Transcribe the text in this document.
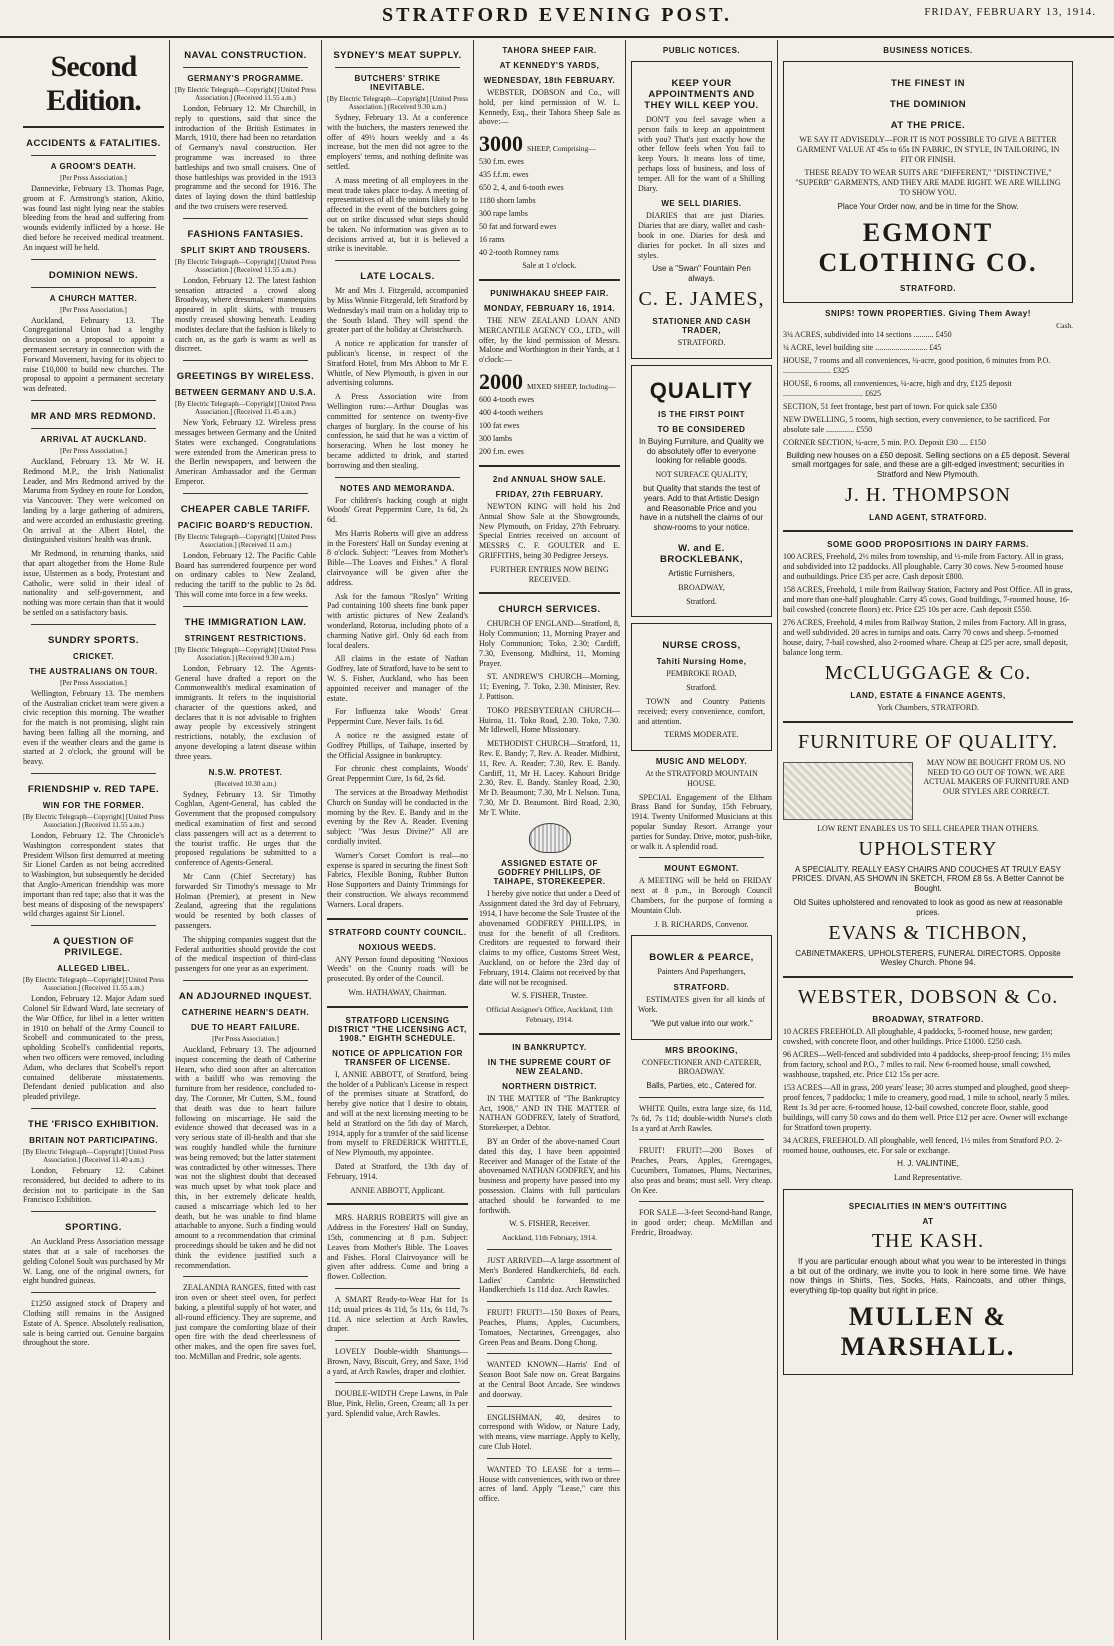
STRATFORD EVENING POST.	FRIDAY, FEBRUARY 13, 1914.
Second Edition.
ACCIDENTS & FATALITIES.
A GROOM'S DEATH.
[Per Press Association.]

Dannevirke, February 13. Thomas Page, groom at F. Armstrong's station, Akitio, was found last night lying near the stables bleeding from the head and suffering from wounds evidently inflicted by a horse. He died before he received medical treatment. An inquest will be held.

DOMINION NEWS.
A CHURCH MATTER.
[Per Press Association.]

Auckland, February 13. The Congregational Union had a lengthy discussion on a proposal to appoint a permanent secretary in connection with the Forward Movement, having for its object to raise £10,000 to build new churches. The proposal to appoint a permanent secretary was defeated.

MR AND MRS REDMOND.
ARRIVAL AT AUCKLAND.
[Per Press Association.]

Auckland, February 13. Mr W. H. Redmond M.P., the Irish Nationalist Leader, and Mrs Redmond arrived by the Maruma from Sydney en route for London, via Vancouver. They were welcomed on landing by a large gathering of admirers, and were accorded an enthusiastic greeting. On arrival at the Albert Hotel, the distinguished visitors' health was drunk.

Mr Redmond, in returning thanks, said that apart altogether from the Home Rule issue, Ulstermen as a body, Protestant and Catholic, were solid in their ideal of nationality and self-government, and nothing was more certain than that it would be settled on a satisfactory basis.

SUNDRY SPORTS.
CRICKET.
THE AUSTRALIANS ON TOUR.
[Per Press Association.]

Wellington, February 13. The members of the Australian cricket team were given a civic reception this morning. The weather for the match is not promising, slight rain having been falling all the morning, and even if the weather clears and the game is started at 2 o'clock, the ground will be heavy.

FRIENDSHIP v. RED TAPE.
WIN FOR THE FORMER.
[By Electric Telegraph—Copyright] [United Press Association.] (Received 11.55 a.m.)

London, February 12. The Chronicle's Washington correspondent states that President Wilson first demurred at meeting Sir Lionel Carden as not being accredited to Washington, but subsequently he decided that Anglo-American friendship was more important than red tape; also that it was the best means of disposing of the newspapers' wild charges against Sir Lionel.

A QUESTION OF PRIVILEGE.
ALLEGED LIBEL.
[By Electric Telegraph—Copyright] [United Press Association.] (Received 11.55 a.m.)

London, February 12. Major Adam sued Colonel Sir Edward Ward, late secretary of the War Office, for libel in a letter written in 1910 on behalf of the Army Council to Scobell and communicated to the press, upholding Scobell's confidential reports, when two officers were removed, including Adam, who declares that Scobell's report contained deliberate misstatements. Defendant denied publication and also pleaded privilege.

THE 'FRISCO EXHIBITION.
BRITAIN NOT PARTICIPATING.
[By Electric Telegraph—Copyright] [United Press Association.] (Received 11.40 a.m.)

London, February 12. Cabinet reconsidered, but decided to adhere to its decision not to participate in the San Francisco Exhibition.

SPORTING.

An Auckland Press Association message states that at a sale of racehorses the gelding Colonel Soult was purchased by Mr W. Lang, one of the original owners, for eight hundred guineas.

£1250 assigned stock of Drapery and Clothing still remains in the Assigned Estate of A. Spence. Absolutely realisation, sale is being carried out. Genuine bargains throughout the store.

NAVAL CONSTRUCTION.
GERMANY'S PROGRAMME.
[By Electric Telegraph—Copyright] [United Press Association.] (Received 11.55 a.m.)

London, February 12. Mr Churchill, in reply to questions, said that since the introduction of the British Estimates in March, 1910, there had been no retardation of Germany's naval construction. Her programme was increased to three battleships and two small cruisers. One of those battleships was provided in the 1913 programme and the second for 1916. The dates of laying down the third battleship and the two cruisers were reserved.

FASHIONS FANTASIES.
SPLIT SKIRT AND TROUSERS.
[By Electric Telegraph—Copyright] [United Press Association.] (Received 11.55 a.m.)

London, February 12. The latest fashion sensation attracted a crowd along Broadway, where dressmakers' mannequins appeared in split skirts, with trousers mostly creased showing beneath. Leading modistes declare that the fashion is likely to catch on, as the garb is warm as well as discreet.

GREETINGS BY WIRELESS.
BETWEEN GERMANY AND U.S.A.
[By Electric Telegraph—Copyright] [United Press Association.] (Received 11.45 a.m.)

New York, February 12. Wireless press messages between Germany and the United States were exchanged. Congratulations were extended from the American press to the Berlin newspapers, and between the American Ambassador and the German Emperor.

CHEAPER CABLE TARIFF.
PACIFIC BOARD'S REDUCTION.
[By Electric Telegraph—Copyright] [United Press Association.] (Received 11 a.m.)

London, February 12. The Pacific Cable Board has surrendered fourpence per word on ordinary cables to New Zealand, reducing the tariff to the public to 2s 8d. This will come into force in a few weeks.

THE IMMIGRATION LAW.
STRINGENT RESTRICTIONS.
[By Electric Telegraph—Copyright] [United Press Association.] (Received 9.30 a.m.)

London, February 12. The Agents-General have drafted a report on the Commonwealth's medical examination of immigrants. It refers to the inquisitorial character of the questions asked, and declares that it is not advisable to frighten away people by excessively stringent restrictions, notably, the exclusion of anyone developing a latent disease within three years.

N.S.W. PROTEST.
(Received 10.30 a.m.)

Sydney, February 13. Sir Timothy Coghlan, Agent-General, has cabled the Government that the proposed compulsory medical examination of first and second class passengers will act as a deterrent to the tourist traffic. He urges that the proposed regulations be submitted to a conference of Agents-General.

Mr Cann (Chief Secretary) has forwarded Sir Timothy's message to Mr Holman (Premier), at present in New Zealand, agreeing that the regulations would be resented by both classes of passengers.

The shipping companies suggest that the Federal authorities should provide the cost of the medical inspection of third-class passengers for one year as an experiment.

AN ADJOURNED INQUEST.
CATHERINE HEARN'S DEATH.
DUE TO HEART FAILURE.
[Per Press Association.]

Auckland, February 13. The adjourned inquest concerning the death of Catherine Hearn, who died soon after an altercation with a bailiff who was removing the furniture from her residence, concluded to-day. The Coroner, Mr Cutten, S.M., found that death was due to heart failure following on miscarriage. He said the evidence showed that deceased was in a very serious state of ill-health and that she was roughly handled while the furniture was being removed; but the latter statement was contradicted by other witnesses. There was not the slightest doubt that deceased was much upset by what took place and this, in her extremely delicate health, caused a miscarriage which led to her death, but he was unable to find blame attachable to anyone. Such a finding would amount to a recommendation that criminal proceedings should be taken and he did not think the evidence justified such a recommendation.

ZEALANDIA RANGES, fitted with cast iron oven or sheet steel oven, for perfect baking, a plentiful supply of hot water, and all-round efficiency. They are supreme, and just compare the comforting blaze of their open fire with the dead cheerlessness of other makes, and the open fire saves fuel, too. McMillan and Fredric, sole agents.

SYDNEY'S MEAT SUPPLY.
BUTCHERS' STRIKE INEVITABLE.
[By Electric Telegraph—Copyright] [United Press Association.] (Received 9.30 a.m.)

Sydney, February 13. At a conference with the butchers, the masters renewed the offer of 49½ hours weekly and a 4s increase, but the men did not agree to the employers' terms, and nothing definite was settled.

A mass meeting of all employees in the meat trade takes place to-day. A meeting of representatives of all the unions likely to be affected in the event of the butchers going out on strike discussed what steps should be taken. No information was given as to decisions arrived at, but it is believed a strike is inevitable.

LATE LOCALS.

Mr and Mrs J. Fitzgerald, accompanied by Miss Winnie Fitzgerald, left Stratford by Wednesday's mail train on a holiday trip to the South Island. They will spend the greater part of the holiday at Christchurch.

A notice re application for transfer of publican's license, in respect of the Stratford Hotel, from Mrs Abbott to Mr F. Whittle, of New Plymouth, is given in our advertising columns.

A Press Association wire from Wellington runs:—Arthur Douglas was committed for sentence on twenty-five charges of burglary. In the course of his confession, he said that he was a victim of horseracing. When he lost money he became addicted to drink, and started borrowing and then stealing.

NOTES AND MEMORANDA.

For children's hacking cough at night Woods' Great Peppermint Cure, 1s 6d, 2s 6d.

Mrs Harris Roberts will give an address in the Foresters' Hall on Sunday evening at 8 o'clock. Subject: "Leaves from Mother's Bible—The Loaves and Fishes." A floral clairvoyance will be given after the address.

Ask for the famous "Roslyn" Writing Pad containing 100 sheets fine bank paper with artistic pictures of New Zealand's wonderland, Rotorua, including photo of a charming Native girl. Only 6d each from local dealers.

All claims in the estate of Nathan Godfrey, late of Stratford, have to be sent to W. S. Fisher, Auckland, who has been appointed receiver and manager of the estate.

For Influenza take Woods' Great Peppermint Cure. Never fails. 1s 6d.

A notice re the assigned estate of Godfrey Phillips, of Taihape, inserted by the Official Assignee in bankruptcy.

For chronic chest complaints, Woods' Great Peppermint Cure, 1s 6d, 2s 6d.

The services at the Broadway Methodist Church on Sunday will be conducted in the morning by the Rev. E. Bandy and in the evening by the Rev A. Reader. Evening subject: "Was Jesus Divine?" All are cordially invited.

Warner's Corset Comfort is real—no expense is spared in securing the finest Soft Fabrics, Flexible Boning, Rubber Button Hose Supporters and Dainty Trimmings for their construction. We always recommend Warners. Local drapers.

STRATFORD COUNTY COUNCIL.
NOXIOUS WEEDS.

ANY Person found depositing "Noxious Weeds" on the County roads will be prosecuted. By order of the Council.

Wm. HATHAWAY, Chairman.

STRATFORD LICENSING DISTRICT "THE LICENSING ACT, 1908." EIGHTH SCHEDULE.
NOTICE OF APPLICATION FOR TRANSFER OF LICENSE.

I, ANNIE ABBOTT, of Stratford, being the holder of a Publican's License in respect of the premises situate at Stratford, do hereby give notice that I desire to obtain, and will at the next licensing meeting to be held at Stratford on the 5th day of March, 1914, apply for a transfer of the said license from myself to FREDERICK WHITTLE, of New Plymouth, my appointee.

Dated at Stratford, the 13th day of February, 1914.

ANNIE ABBOTT, Applicant.

MRS. HARRIS ROBERTS will give an Address in the Foresters' Hall on Sunday, 15th, commencing at 8 p.m. Subject: Leaves from Mother's Bible. The Loaves and Fishes. Floral Clairvoyance will be given after address. Come and bring a flower. Collection.

A SMART Ready-to-Wear Hat for 1s 11d; usual prices 4s 11d, 5s 11s, 6s 11d, 7s 11d. A nice selection at Arch Rawles, draper.

LOVELY Double-width Shantungs—Brown, Navy, Biscuit, Grey, and Saxe, 1½d a yard, at Arch Rawles, draper and clothier.

DOUBLE-WIDTH Crepe Lawns, in Pale Blue, Pink, Helio, Green, Cream; all 1s per yard. Splendid value, Arch Rawles.

TAHORA SHEEP FAIR.
AT KENNEDY'S YARDS,
WEDNESDAY, 18th FEBRUARY.

WEBSTER, DOBSON and Co., will hold, per kind permission of W. L. Kennedy, Esq., their Tahora Sheep Sale as above:—

3000 SHEEP, Comprising—
530 f.m. ewes
435 f.f.m. ewes
650 2, 4, and 6-tooth ewes
1180 shorn lambs
300 rape lambs
50 fat and forward ewes
16 rams
40 2-tooth Romney rams

Sale at 1 o'clock.

PUNIWHAKAU SHEEP FAIR.
MONDAY, FEBRUARY 16, 1914.

THE NEW ZEALAND LOAN AND MERCANTILE AGENCY CO., LTD., will offer, by the kind permission of Messrs. Malone and Worthington in their Yards, at 1 o'clock:—

2000 MIXED SHEEP, Including—
600 4-tooth ewes
400 4-tooth wethers
100 fat ewes
300 lambs
200 f.m. ewes
2nd ANNUAL SHOW SALE.
FRIDAY, 27th FEBRUARY.

NEWTON KING will hold his 2nd Annual Show Sale at the Showgrounds, New Plymouth, on Friday, 27th February. Special Entries received on account of MESSRS C. F. GOULTER and E. GRIFFITHS, being 30 Pedigree Jerseys.

FURTHER ENTRIES NOW BEING RECEIVED.

CHURCH SERVICES.

CHURCH OF ENGLAND—Stratford, 8, Holy Communion; 11, Morning Prayer and Holy Communion; Toko, 2.30; Cardiff, 7.30, Evensong. Midhirst, 11, Morning Prayer.

ST. ANDREW'S CHURCH—Morning, 11; Evening, 7. Toko, 2.30. Minister, Rev. J. Pattison.

TOKO PRESBYTERIAN CHURCH—Huiroa, 11. Toko Road, 2.30. Toko, 7.30. Mr Idlewell, Home Missionary.

METHODIST CHURCH—Stratford, 11, Rev. E. Bandy; 7, Rev. A. Reader. Midhirst, 11, Rev. A. Reader; 7.30, Rev. E. Bandy. Cardiff, 11, Mr H. Lacey. Kahouri Bridge 2.30, Rev. E. Bandy. Stanley Road, 2.30, Mr D. Beaumont; 7.30, Mr I. Nelson. Tuna, 7.30, Mr D. Beaumont. Bird Road, 2.30, Mr T. White.

ASSIGNED ESTATE OF GODFREY PHILLIPS, OF TAIHAPE, STOREKEEPER.

I hereby give notice that under a Deed of Assignment dated the 3rd day of February, 1914, I have become the Sole Trustee of the abovenamed GODFREY PHILLIPS, in trust for the benefit of all Creditors. Creditors are requested to forward their claims to my office, Customs Street West, Auckland, on or before the 23rd day of February, 1914. Claims not received by that date will not be recognised.

W. S. FISHER, Trustee.

Official Assignee's Office, Auckland, 11th February, 1914.

IN BANKRUPTCY.
IN THE SUPREME COURT OF NEW ZEALAND.
NORTHERN DISTRICT.

IN THE MATTER of "The Bankruptcy Act, 1908," AND IN THE MATTER of NATHAN GODFREY, lately of Stratford, Storekeeper, a Debtor.

BY an Order of the above-named Court dated this day, I have been appointed Receiver and Manager of the Estate of the abovenamed NATHAN GODFREY, and his business and property have passed into my possession. Claims with full particulars attached should be forwarded to me forthwith.

W. S. FISHER, Receiver.

Auckland, 11th February, 1914.

JUST ARRIVED—A large assortment of Men's Bordered Handkerchiefs, 8d each. Ladies' Cambric Hemstitched Handkerchiefs 1s 11d doz. Arch Rawles.

FRUIT! FRUIT!—150 Boxes of Pears, Peaches, Plums, Apples, Cucumbers, Tomatoes, Nectarines, Greengages, also Green Peas and Beans. Dong Chong.

WANTED KNOWN—Harris' End of Season Boot Sale now on. Great Bargains at the Central Boot Arcade. See windows and doorway.

ENGLISHMAN, 40, desires to correspond with Widow, or Nature Lady, with means, view marriage. Apply to Kelly, care Club Hotel.

WANTED TO LEASE for a term—House with conveniences, with two or three acres of land. Apply "Lease," care this office.

PUBLIC NOTICES.
KEEP YOUR APPOINTMENTS AND THEY WILL KEEP YOU.

DON'T you feel savage when a person fails to keep an appointment with you? That's just exactly how the other fellow feels when You fail to keep Yours. It means loss of time, perhaps loss of business, and loss of temper. All for the want of a Shilling Diary.

WE SELL DIARIES.

DIARIES that are just Diaries. Diaries that are diary, wallet and cash-book in one. Diaries for desk and diaries for pocket. In all sizes and styles.

Use a "Swan" Fountain Pen always.

C. E. JAMES,
STATIONER AND CASH TRADER,

STRATFORD.

QUALITY
IS THE FIRST POINT
TO BE CONSIDERED

In Buying Furniture, and Quality we do absolutely offer to everyone looking for reliable goods.

NOT SURFACE QUALITY,

but Quality that stands the test of years. Add to that Artistic Design and Reasonable Price and you have in a nutshell the claims of our show-rooms to your notice.

W. and E. BROCKLEBANK,

Artistic Furnishers,

BROADWAY,

Stratford.

NURSE CROSS,
Tahiti Nursing Home,

PEMBROKE ROAD,

Stratford.

TOWN and Country Patients received; every convenience, comfort, and attention.

TERMS MODERATE.

MUSIC AND MELODY.

At the STRATFORD MOUNTAIN HOUSE.

SPECIAL Engagement of the Eltham Brass Band for Sunday, 15th February, 1914. Twenty Uniformed Musicians at this popular Sunday Resort. Arrange your parties for Sunday. Drive, motor, push-bike, or walk it. A splendid road.

MOUNT EGMONT.

A MEETING will be held on FRIDAY next at 8 p.m., in Borough Council Chambers, for the purpose of forming a Mountain Club.

J. B. RICHARDS, Convenor.

BOWLER & PEARCE,

Painters And Paperhangers,

STRATFORD.

ESTIMATES given for all kinds of Work.

"We put value into our work."

MRS BROOKING,

CONFECTIONER AND CATERER, BROADWAY.

Balls, Parties, etc., Catered for.

WHITE Quilts, extra large size, 6s 11d, 7s 6d, 7s 11d; double-width Nurse's cloth 1s a yard at Arch Rawles.

FRUIT! FRUIT!—200 Boxes of Peaches, Pears, Apples, Greengages, Cucumbers, Tomatoes, Plums, Nectarines, also peas and beans; must sell. Very cheap. On Kee.

FOR SALE—3-feet Second-hand Range, in good order; cheap. McMillan and Fredric, Broadway.

BUSINESS NOTICES.
THE FINEST IN
THE DOMINION
AT THE PRICE.

WE SAY IT ADVISEDLY—FOR IT IS NOT POSSIBLE TO GIVE A BETTER GARMENT VALUE AT 45s to 65s IN FABRIC, IN STYLE, IN TAILORING, IN FIT OR FINISH.

THESE READY TO WEAR SUITS ARE "DIFFERENT," "DISTINCTIVE," "SUPERB" GARMENTS, AND THEY ARE MADE RIGHT. WE ARE WILLING TO SHOW YOU.

Place Your Order now, and be in time for the Show.

EGMONT CLOTHING CO.
STRATFORD.
SNIPS! TOWN PROPERTIES. Giving Them Away!
Cash.
3¼ ACRES, subdivided into 14 sections .......... £450
¼ ACRE, level building site .......................... £45
HOUSE, 7 rooms and all conveniences, ¼-acre, good position, 6 minutes from P.O. ........................ £325
HOUSE, 6 rooms, all conveniences, ¼-acre, high and dry, £125 deposit ........................................ £625
SECTION, 51 feet frontage, best part of town. For quick sale £350
NEW DWELLING, 5 rooms, high section, every convenience, to be sacrificed. For absolute sale .............. £550
CORNER SECTION, ¼-acre, 5 min. P.O. Deposit £30 .... £150

Building new houses on a £50 deposit. Selling sections on a £5 deposit. Several small mortgages for sale, and these are a gilt-edged investment; securities in Stratford and New Plymouth.

J. H. THOMPSON
LAND AGENT, STRATFORD.
SOME GOOD PROPOSITIONS IN DAIRY FARMS.
100 ACRES, Freehold, 2½ miles from township, and ½-mile from Factory. All in grass, and subdivided into 12 paddocks. All ploughable. Carry 30 cows. New 5-roomed house and outbuildings. Price £35 per acre. Cash deposit £800.
158 ACRES, Freehold, 1 mile from Railway Station, Factory and Post Office. All in grass, and more than one-half ploughable. Carry 45 cows. Good buildings, 7-roomed house, 16-bail cowshed (concrete floors) etc. Price £25 10s per acre. Cash deposit £550.
276 ACRES, Freehold, 4 miles from Railway Station, 2 miles from Factory. All in grass, and well subdivided. 20 acres in turnips and oats. Carry 70 cows and sheep. 5-roomed house, dairy, 7-bail cowshed, also 2-roomed whare. Cheap at £25 per acre, small deposit, balance long term.
McCLUGGAGE & Co.
LAND, ESTATE & FINANCE AGENTS,

York Chambers, STRATFORD.

FURNITURE OF QUALITY.

MAY NOW BE BOUGHT FROM US. NO NEED TO GO OUT OF TOWN. WE ARE ACTUAL MAKERS OF FURNITURE AND OUR STYLES ARE CORRECT.

LOW RENT ENABLES US TO SELL CHEAPER THAN OTHERS.

UPHOLSTERY

A SPECIALITY. REALLY EASY CHAIRS AND COUCHES AT TRULY EASY PRICES. DIVAN, AS SHOWN IN SKETCH, FROM £8 5s. A Better Cannot be Bought.

Old Suites upholstered and renovated to look as good as new at reasonable prices.

EVANS & TICHBON,

CABINETMAKERS, UPHOLSTERERS, FUNERAL DIRECTORS. Opposite Wesley Church. Phone 94.

WEBSTER, DOBSON & Co.
BROADWAY, STRATFORD.
10 ACRES FREEHOLD. All ploughable, 4 paddocks, 5-roomed house, new garden; cowshed, with concrete floor, and other buildings. Price £1000. £250 cash.
96 ACRES—Well-fenced and subdivided into 4 paddocks, sheep-proof fencing; 1½ miles from factory, school and P.O., 7 miles to rail. New 6-roomed house, small cowshed, washhouse, trapshed, etc. Price £12 15s per acre.
153 ACRES—All in grass, 200 years' lease; 30 acres stumped and ploughed, good sheep-proof fences, 7 paddocks; 1 mile to creamery, good road, 1 mile to school, nearly 5 miles. Rent 1s 3d per acre. 6-roomed house, 12-bail cowshed, concrete floor, stable, good buildings, will carry 50 cows and do them well. Price £12 per acre. Owner will exchange for Stratford town property.
34 ACRES, FREEHOLD. All ploughable, well fenced, 1½ miles from Stratford P.O. 2-roomed house, outhouses, etc. For sale or exchange.

H. J. VALINTINE,

Land Representative.

SPECIALITIES IN MEN'S OUTFITTING
AT
THE KASH.

If you are particular enough about what you wear to be interested in things a bit out of the ordinary, we invite you to look in here some time. We have now things in Shirts, Ties, Socks, Hats, Raincoats, and other things, everything tip-top quality but right in price.

MULLEN & MARSHALL.
